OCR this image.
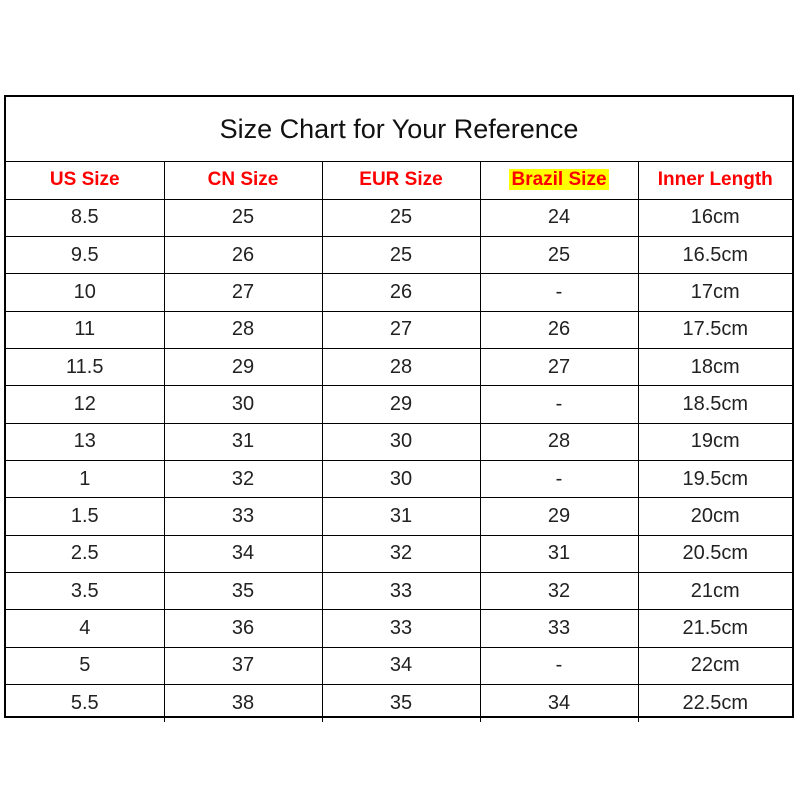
Size Chart for Your Reference
US Size	CN Size	EUR Size	Brazil Size	Inner Length
8.5	25	25	24	16cm
9.5	26	25	25	16.5cm
10	27	26	-	17cm
11	28	27	26	17.5cm
11.5	29	28	27	18cm
12	30	29	-	18.5cm
13	31	30	28	19cm
1	32	30	-	19.5cm
1.5	33	31	29	20cm
2.5	34	32	31	20.5cm
3.5	35	33	32	21cm
4	36	33	33	21.5cm
5	37	34	-	22cm
5.5	38	35	34	22.5cm
